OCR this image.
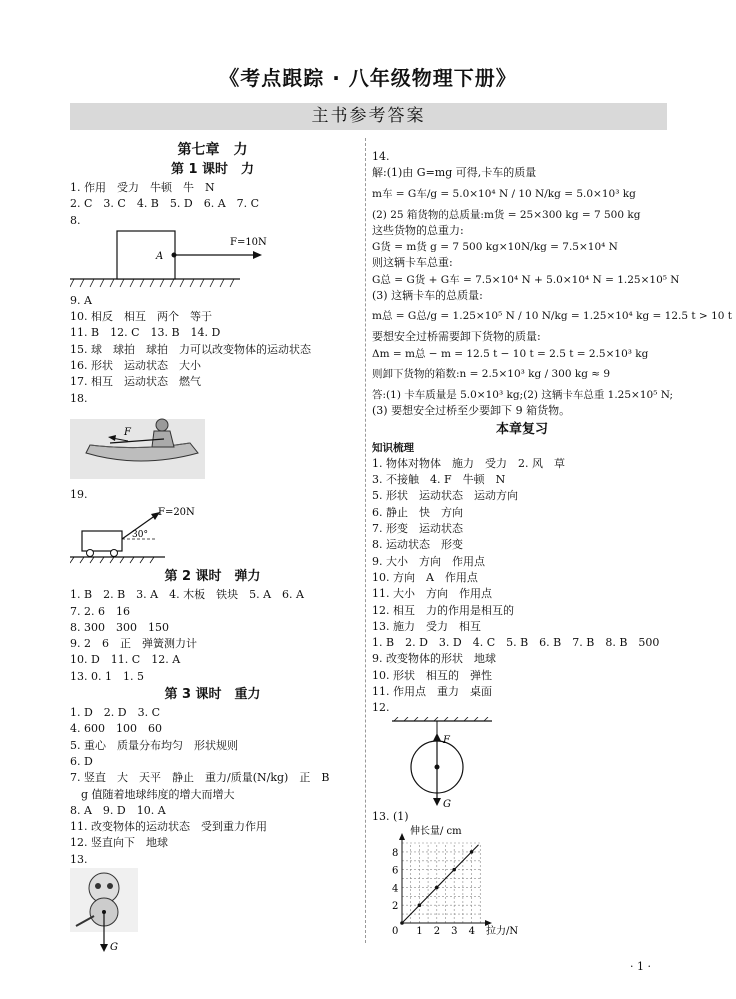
《考点跟踪 · 八年级物理下册》
主书参考答案
第七章　力
第 1 课时　力
1. 作用　受力　牛顿　牛　N
2. C　3. C　4. B　5. D　6. A　7. C
8.
A
F=10N
9. A
10. 相反　相互　两个　等于
11. B　12. C　13. B　14. D
15. 球　球拍　球拍　力可以改变物体的运动状态
16. 形状　运动状态　大小
17. 相互　运动状态　燃气
18.
F
19.
30°
F=20N
第 2 课时　弹力
1. B　2. B　3. A　4. 木板　铁块　5. A　6. A
7. 2. 6　16
8. 300　300　150
9. 2　6　正　弹簧测力计
10. D　11. C　12. A
13. 0. 1　1. 5
第 3 课时　重力
1. D　2. D　3. C
4. 600　100　60
5. 重心　质量分布均匀　形状规则
6. D
7. 竖直　大　天平　静止　重力/质量(N/kg)　正　B
　g 值随着地球纬度的增大而增大
8. A　9. D　10. A
11. 改变物体的运动状态　受到重力作用
12. 竖直向下　地球
13.
G
14.
解:(1)由 G=mg 可得,卡车的质量
m车 = G车/g = 5.0×10⁴ N / 10 N/kg = 5.0×10³ kg
(2) 25 箱货物的总质量:m货 = 25×300 kg = 7 500 kg
这些货物的总重力:
G货 = m货 g = 7 500 kg×10N/kg = 7.5×10⁴ N
则这辆卡车总重:
G总 = G货 + G车 = 7.5×10⁴ N + 5.0×10⁴ N = 1.25×10⁵ N
(3) 这辆卡车的总质量:
m总 = G总/g = 1.25×10⁵ N / 10 N/kg = 1.25×10⁴ kg = 12.5 t > 10 t
要想安全过桥需要卸下货物的质量:
Δm = m总 − m = 12.5 t − 10 t = 2.5 t = 2.5×10³ kg
则卸下货物的箱数:n = 2.5×10³ kg / 300 kg ≈ 9
答:(1) 卡车质量是 5.0×10³ kg;(2) 这辆卡车总重 1.25×10⁵ N;
(3) 要想安全过桥至少要卸下 9 箱货物。
本章复习
知识梳理
1. 物体对物体　施力　受力　2. 风　草
3. 不接触　4. F　牛顿　N
5. 形状　运动状态　运动方向
6. 静止　快　方向
7. 形变　运动状态
8. 运动状态　形变
9. 大小　方向　作用点
10. 方向　A　作用点
11. 大小　方向　作用点
12. 相互　力的作用是相互的
13. 施力　受力　相互
1. B　2. D　3. D　4. C　5. B　6. B　7. B　8. B　500
9. 改变物体的形状　地球
10. 形状　相互的　弹性
11. 作用点　重力　桌面
12.
F
G
13. (1)
0 1 2 3 4
2
4
6
8
伸长量/ cm
拉力/N
· 1 ·
